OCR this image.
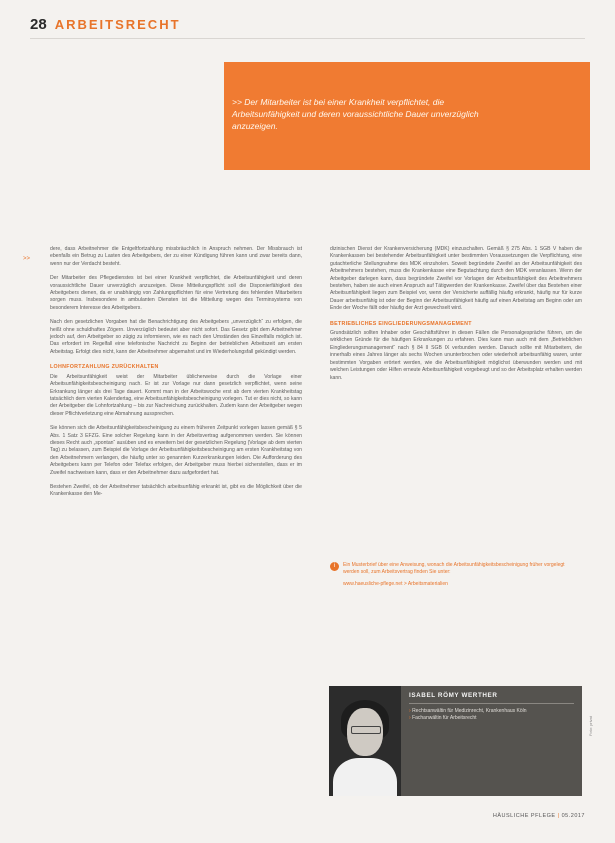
28 ARBEITSRECHT
>> Der Mitarbeiter ist bei einer Krankheit verpflichtet, die Arbeitsunfähigkeit und deren voraussichtliche Dauer unverzüglich anzuzeigen.
>>

dere, dass Arbeitnehmer die Entgeltfortzahlung missbräuchlich in Anspruch nehmen. Der Missbrauch ist ebenfalls ein Betrug zu Lasten des Arbeitgebers, der zu einer Kündigung führen kann und zwar bereits dann, wenn nur der Verdacht besteht.

Der Mitarbeiter des Pflegedienstes ist bei einer Krankheit verpflichtet, die Arbeitsunfähigkeit und deren voraussichtliche Dauer unverzüglich anzuzeigen. Diese Mitteilungspflicht soll die Disponierfähigkeit des Arbeitgebers dienen, da er unabhängig von Zahlungspflichten für eine Vertretung des fehlenden Mitarbeiters sorgen muss. Insbesondere in ambulanten Diensten ist die Mitteilung wegen des Terminsystems von besonderem Interesse des Arbeitgebers.

Nach den gesetzlichen Vorgaben hat die Benachrichtigung des Arbeitgebers „unverzüglich“ zu erfolgen, die heißt ohne schuldhaftes Zögern. Unverzüglich bedeutet aber nicht sofort. Das Gesetz gibt dem Arbeitnehmer jedoch auf, den Arbeitgeber so zügig zu informieren, wie es nach den Umständen des Einzelfalls möglich ist. Das erfordert im Regelfall eine telefonische Nachricht zu Beginn der betrieblichen Arbeitszeit am ersten Arbeitstag. Erfolgt dies nicht, kann der Arbeitnehmer abgemahnt und im Wiederholungsfall gekündigt werden.

LOHNFORTZAHLUNG ZURÜCKHALTEN

Die Arbeitsunfähigkeit weist der Mitarbeiter üblicherweise durch die Vorlage einer Arbeitsunfähigkeitsbescheinigung nach. Er ist zur Vorlage nur dann gesetzlich verpflichtet, wenn seine Erkrankung länger als drei Tage dauert. Kommt man in der Arbeitswoche erst ab dem vierten Krankheitstag tatsächlich dem vierten Kalendertag, eine Arbeitsunfähigkeitsbescheinigung vorlegen. Tut er dies nicht, so kann der Arbeitgeber die Lohnfortzahlung – bis zur Nachreichung zurückhalten. Zudem kann der Arbeitgeber wegen dieser Pflichtverletzung eine Abmahnung aussprechen.

Sie können sich die Arbeitsunfähigkeitsbescheinigung zu einem früheren Zeitpunkt vorlegen lassen gemäß § 5 Abs. 1 Satz 3 EFZG. Eine solcher Regelung kann in der Arbeitsvertrag aufgenommen werden. Sie können dieses Recht auch „spontan“ ausüben und es erweitern bei der gesetzlichen Regelung (Vorlage ab dem vierten Tag) zu belassen, zum Beispiel die Vorlage der Arbeitsunfähigkeitsbescheinigung am ersten Krankheitstag von den Arbeitnehmern verlangen, die häufig unter so genannten Kurzerkrankungen leiden. Die Aufforderung des Arbeitgebers kann per Telefon oder Telefax erfolgen, der Arbeitgeber muss hierbei sicherstellen, dass er im Zweifel nachweisen kann, dass er den Arbeitnehmer dazu aufgefordert hat.

Bestehen Zweifel, ob der Arbeitnehmer tatsächlich arbeitsunfähig erkrankt ist, gibt es die Möglichkeit über die Krankenkasse den Me-

dizinischen Dienst der Krankenversicherung (MDK) einzuschalten. Gemäß § 275 Abs. 1 SGB V haben die Krankenkassen bei bestehender Arbeitsunfähigkeit unter bestimmten Voraussetzungen die Verpflichtung, eine gutachterliche Stellungnahme des MDK einzuholen. Soweit begründete Zweifel an der Arbeitsunfähigkeit des Arbeitnehmers bestehen, muss die Krankenkasse eine Begutachtung durch den MDK veranlassen. Wenn der Arbeitgeber darlegen kann, dass begründete Zweifel vor Vorlagen der Arbeitsunfähigkeit des Arbeitnehmers bestehen, haben sie auch einen Anspruch auf Tätigwerden der Krankenkasse. Zweifel über das Bestehen einer Arbeitsunfähigkeit liegen zum Beispiel vor, wenn der Versicherte auffällig häufig erkrankt, häufig nur für kurze Dauer arbeitsunfähig ist oder der Beginn der Arbeitsunfähigkeit häufig auf einen Arbeitstag am Beginn oder am Ende der Woche fällt oder häufig der Arzt gewechselt wird.

BETRIEBLICHES EINGLIEDERUNGSMANAGEMENT

Grundsätzlich sollten Inhaber oder Geschäftsführer in diesen Fällen die Personalgespräche führen, um die wirklichen Gründe für die häufigen Erkrankungen zu erfahren. Dies kann man auch mit dem „Betrieblichen Eingliederungsmanagement“ nach § 84 II SGB IX verbunden werden. Danach sollte mit Mitarbeitern, die innerhalb eines Jahres länger als sechs Wochen ununterbrochen oder wiederholt arbeitsunfähig waren, unter bestimmten Vorgaben erörtert werden, wie die Arbeitsunfähigkeit möglichst überwunden werden und mit welchen Leistungen oder Hilfen erneute Arbeitsunfähigkeit vorgebeugt und so der Arbeitsplatz erhalten werden kann.

i Ein Musterbrief über eine Anweisung, wonach die Arbeitsunfähigkeitsbescheinigung früher vorgelegt werden soll, zum Arbeitsvertrag finden Sie unter:
www.haeusliche-pflege.net > Arbeitsmaterialien
ISABEL RÖMY WERTHER
› Rechtsanwältin für Medizinrecht, Krankenhaus Köln
› Fachanwältin für Arbeitsrecht	Foto: privat
HÄUSLICHE PFLEGE | 05.2017
